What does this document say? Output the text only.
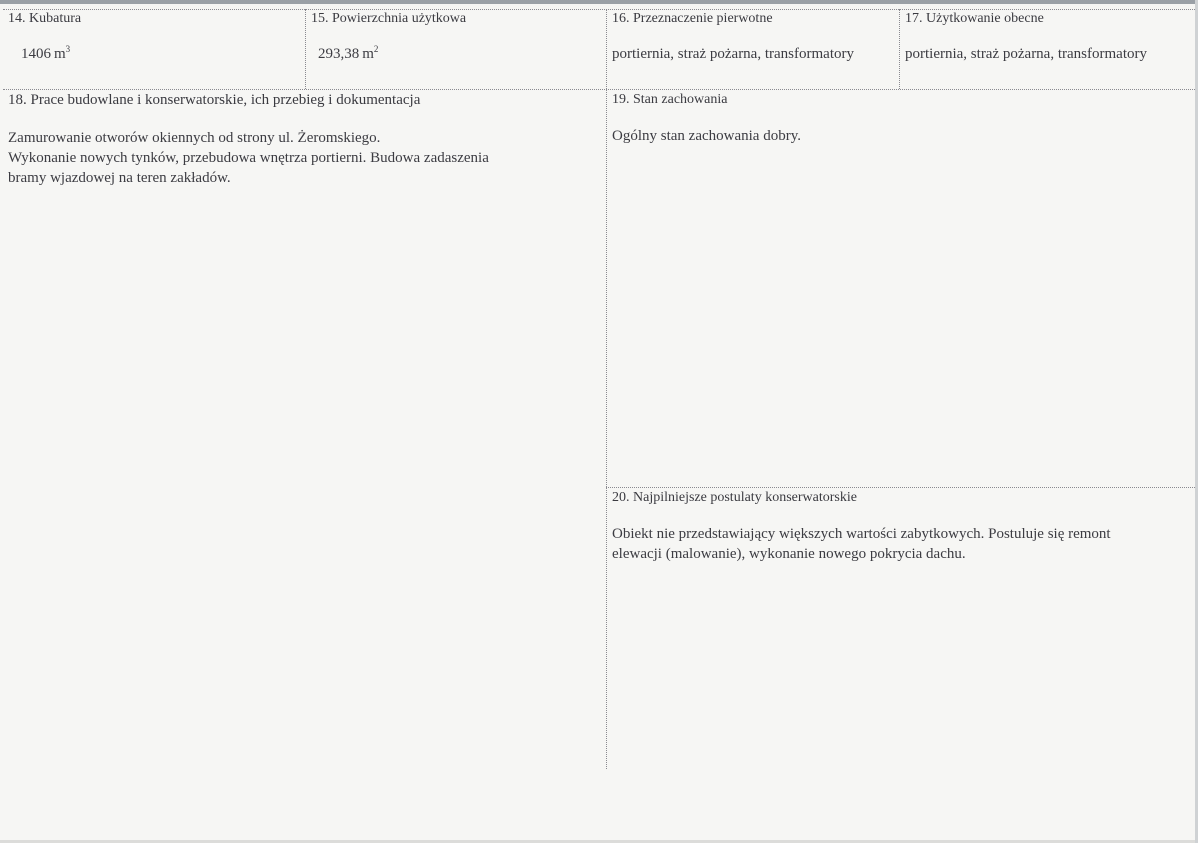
14. Kubatura
1406 $m^3$
15. Powierzchnia użytkowa
293,38 $m^2$
16. Przeznaczenie pierwotne
portiernia, straż pożarna, transformatory
17. Użytkowanie obecne
portiernia, straż pożarna, transformatory
18. Prace budowlane i konserwatorskie, ich przebieg i dokumentacja
Zamurowanie otworów okiennych od strony ul. Żeromskiego.
Wykonanie nowych tynków, przebudowa wnętrza portierni. Budowa zadaszenia
bramy wjazdowej na teren zakładów.
19. Stan zachowania
Ogólny stan zachowania dobry.
20. Najpilniejsze postulaty konserwatorskie
Obiekt nie przedstawiający większych wartości zabytkowych. Postuluje się remont
elewacji (malowanie), wykonanie nowego pokrycia dachu.
